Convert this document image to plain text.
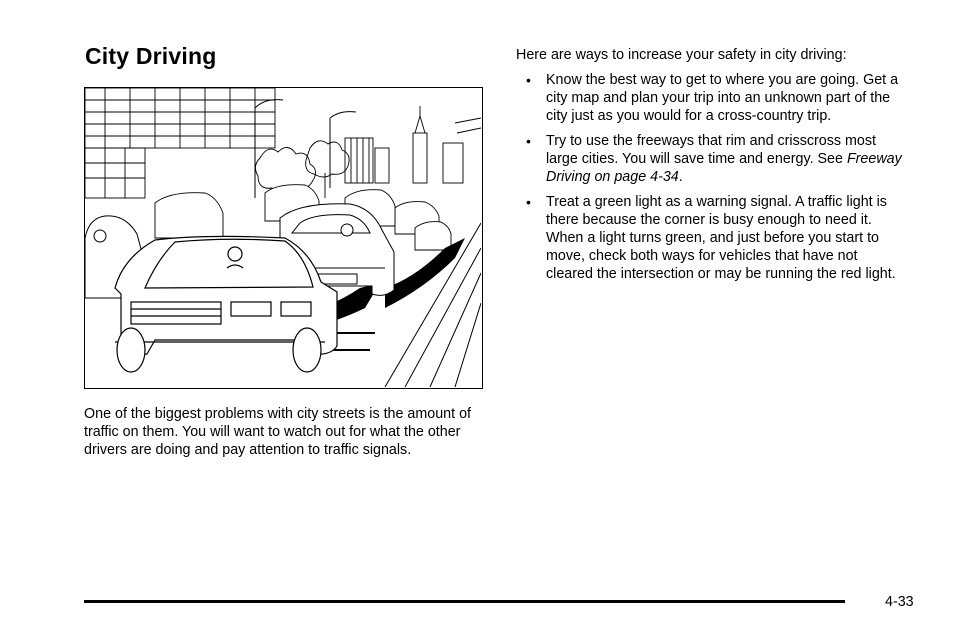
City Driving

One of the biggest problems with city streets is the amount of traffic on them. You will want to watch out for what the other drivers are doing and pay attention to traffic signals.

Here are ways to increase your safety in city driving:

• Know the best way to get to where you are going. Get a city map and plan your trip into an unknown part of the city just as you would for a cross-country trip.
• Try to use the freeways that rim and crisscross most large cities. You will save time and energy. See Freeway Driving on page 4-34.
• Treat a green light as a warning signal. A traffic light is there because the corner is busy enough to need it. When a light turns green, and just before you start to move, check both ways for vehicles that have not cleared the intersection or may be running the red light.
4-33
